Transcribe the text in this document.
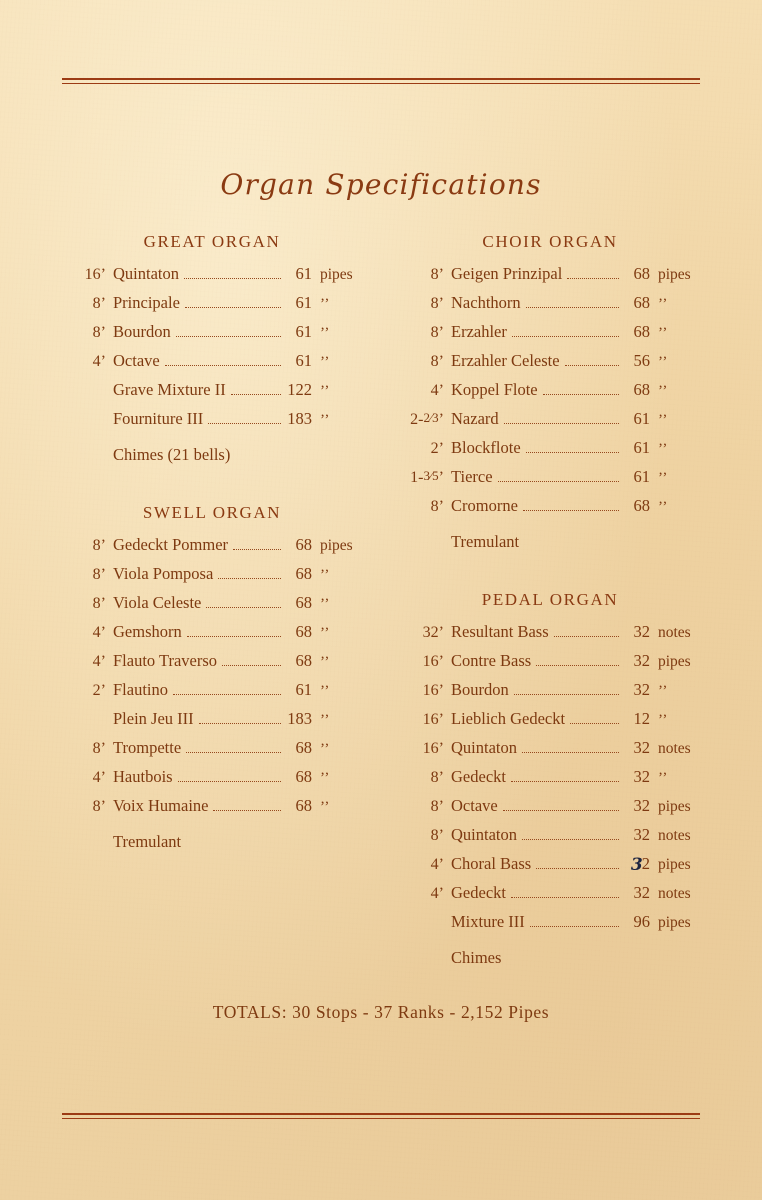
Organ Specifications
GREAT ORGAN
16’ Quintaton	61 pipes
8’ Principale	61 ’’
8’ Bourdon	61 ’’
4’ Octave	61 ’’
Grave Mixture II	122 ’’
Fourniture III	183 ’’
Chimes (21 bells)
SWELL ORGAN
8’ Gedeckt Pommer	68 pipes
8’ Viola Pomposa	68 ’’
8’ Viola Celeste	68 ’’
4’ Gemshorn	68 ’’
4’ Flauto Traverso	68 ’’
2’ Flautino	61 ’’
Plein Jeu III	183 ’’
8’ Trompette	68 ’’
4’ Hautbois	68 ’’
8’ Voix Humaine	68 ’’
Tremulant
CHOIR ORGAN
8’ Geigen Prinzipal	68 pipes
8’ Nachthorn	68 ’’
8’ Erzahler	68 ’’
8’ Erzahler Celeste	56 ’’
4’ Koppel Flote	68 ’’
2-2⁄3’ Nazard	61 ’’
2’ Blockflote	61 ’’
1-3⁄5’ Tierce	61 ’’
8’ Cromorne	68 ’’
Tremulant
PEDAL ORGAN
32’ Resultant Bass	32 notes
16’ Contre Bass	32 pipes
16’ Bourdon	32 ’’
16’ Lieblich Gedeckt	12 ’’
16’ Quintaton	32 notes
8’ Gedeckt	32 ’’
8’ Octave	32 pipes
8’ Quintaton	32 notes
4’ Choral Bass	32 pipes
4’ Gedeckt	32 notes
Mixture III	96 pipes
Chimes
TOTALS: 30 Stops - 37 Ranks - 2,152 Pipes
